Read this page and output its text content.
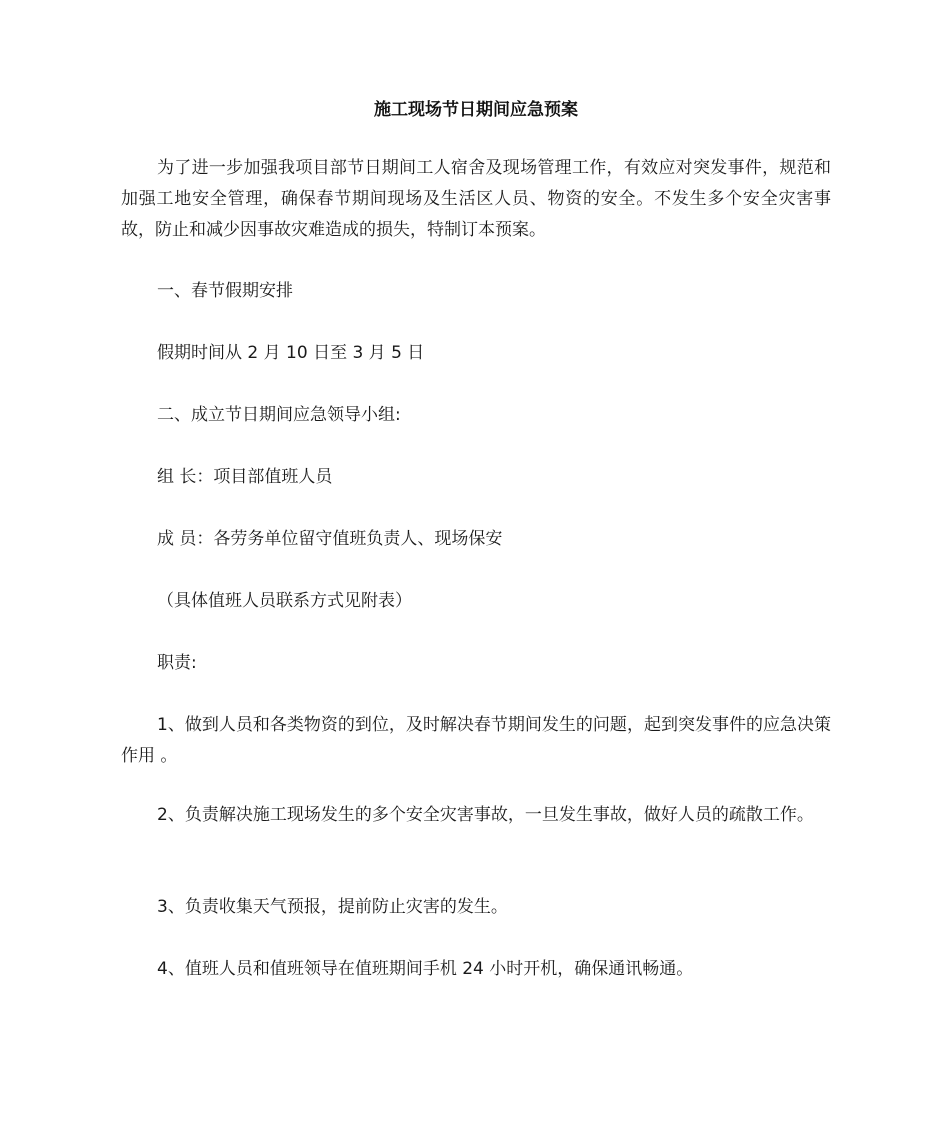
施工现场节日期间应急预案

为了进一步加强我项目部节日期间工人宿舍及现场管理工作，有效应对突发事件，规范和加强工地安全管理，确保春节期间现场及生活区人员、物资的安全。不发生多个安全灾害事故，防止和减少因事故灾难造成的损失，特制订本预案。

一、春节假期安排

假期时间从 2 月 10 日至 3 月 5 日

二、成立节日期间应急领导小组:

组 长：项目部值班人员

成 员：各劳务单位留守值班负责人、现场保安

（具体值班人员联系方式见附表）

职责:

1、做到人员和各类物资的到位，及时解决春节期间发生的问题，起到突发事件的应急决策作用 。

2、负责解决施工现场发生的多个安全灾害事故，一旦发生事故，做好人员的疏散工作。

3、负责收集天气预报，提前防止灾害的发生。

4、值班人员和值班领导在值班期间手机 24 小时开机，确保通讯畅通。
